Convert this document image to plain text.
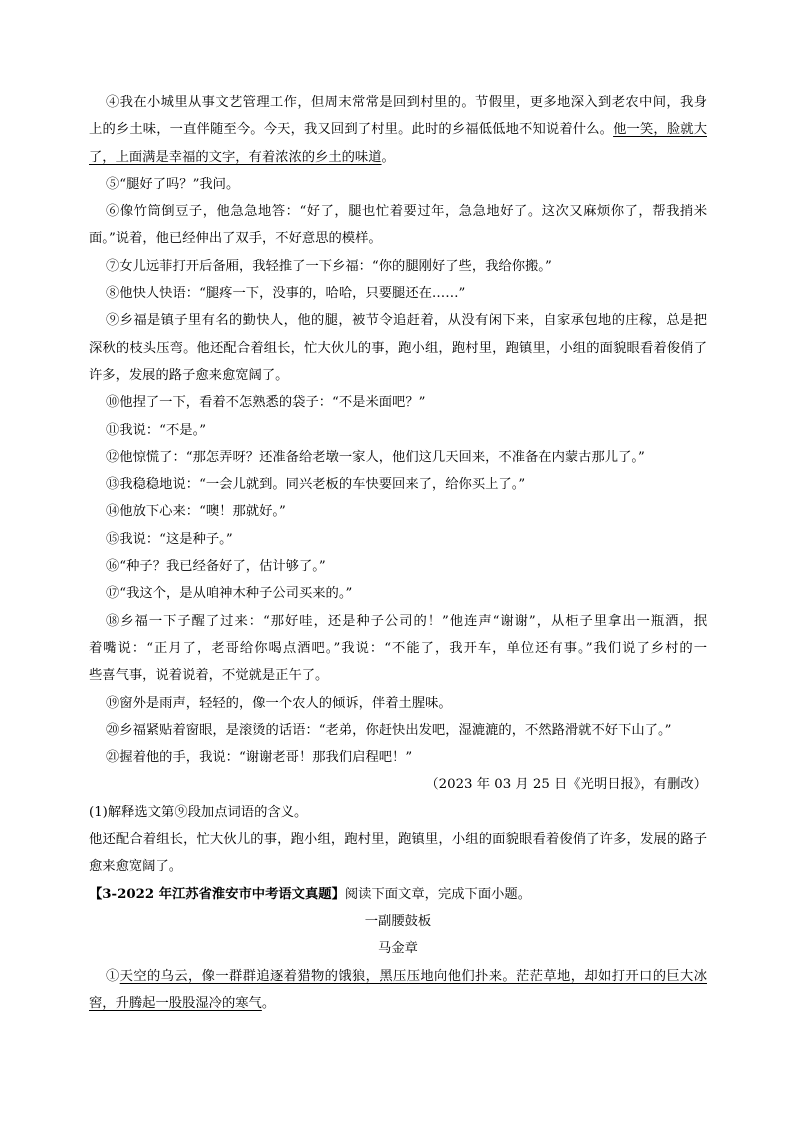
④我在小城里从事文艺管理工作，但周末常常是回到村里的。节假里，更多地深入到老农中间，我身
上的乡土味，一直伴随至今。今天，我又回到了村里。此时的乡福低低地不知说着什么。他一笑，脸就大
了，上面满是幸福的文字，有着浓浓的乡土的味道。
⑤“腿好了吗？”我问。
⑥像竹筒倒豆子，他急急地答：“好了，腿也忙着要过年，急急地好了。这次又麻烦你了，帮我捎米
面。”说着，他已经伸出了双手，不好意思的模样。
⑦女儿远菲打开后备厢，我轻推了一下乡福：“你的腿刚好了些，我给你搬。”
⑧他快人快语：“腿疼一下，没事的，哈哈，只要腿还在……”
⑨乡福是镇子里有名的勤快人，他的腿，被节令追赶着，从没有闲下来，自家承包地的庄稼，总是把
深秋的枝头压弯。他还配合着组长，忙大伙儿的事，跑小组，跑村里，跑镇里，小组的面貌眼看着俊俏了
许多，发展的路子愈来愈宽阔了。
⑩他捏了一下，看着不怎熟悉的袋子：“不是米面吧？”
⑪我说：“不是。”
⑫他惊慌了：“那怎弄呀？还准备给老墩一家人，他们这几天回来，不准备在内蒙古那儿了。”
⑬我稳稳地说：“一会儿就到。同兴老板的车快要回来了，给你买上了。”
⑭他放下心来：“噢！那就好。”
⑮我说：“这是种子。”
⑯“种子？我已经备好了，估计够了。”
⑰“我这个，是从咱神木种子公司买来的。”
⑱乡福一下子醒了过来：“那好哇，还是种子公司的！”他连声“谢谢”，从柜子里拿出一瓶酒，抿
着嘴说：“正月了，老哥给你喝点酒吧。”我说：“不能了，我开车，单位还有事。”我们说了乡村的一
些喜气事，说着说着，不觉就是正午了。
⑲窗外是雨声，轻轻的，像一个农人的倾诉，伴着土腥味。
⑳乡福紧贴着窗眼，是滚烫的话语：“老弟，你赶快出发吧，湿漉漉的，不然路滑就不好下山了。”
㉑握着他的手，我说：“谢谢老哥！那我们启程吧！”
（2023 年 03 月 25 日《光明日报》，有删改）
(1)解释选文第⑨段加点词语的含义。
他还配合着组长，忙大伙儿的事，跑小组，跑村里，跑镇里，小组的面貌眼看着俊俏了许多，发展的路子
愈来愈宽阔了。
【3-2022 年江苏省淮安市中考语文真题】阅读下面文章，完成下面小题。
一副腰鼓板
马金章
①天空的乌云，像一群群追逐着猎物的饿狼，黑压压地向他们扑来。茫茫草地，却如打开口的巨大冰
窖，升腾起一股股湿冷的寒气。
